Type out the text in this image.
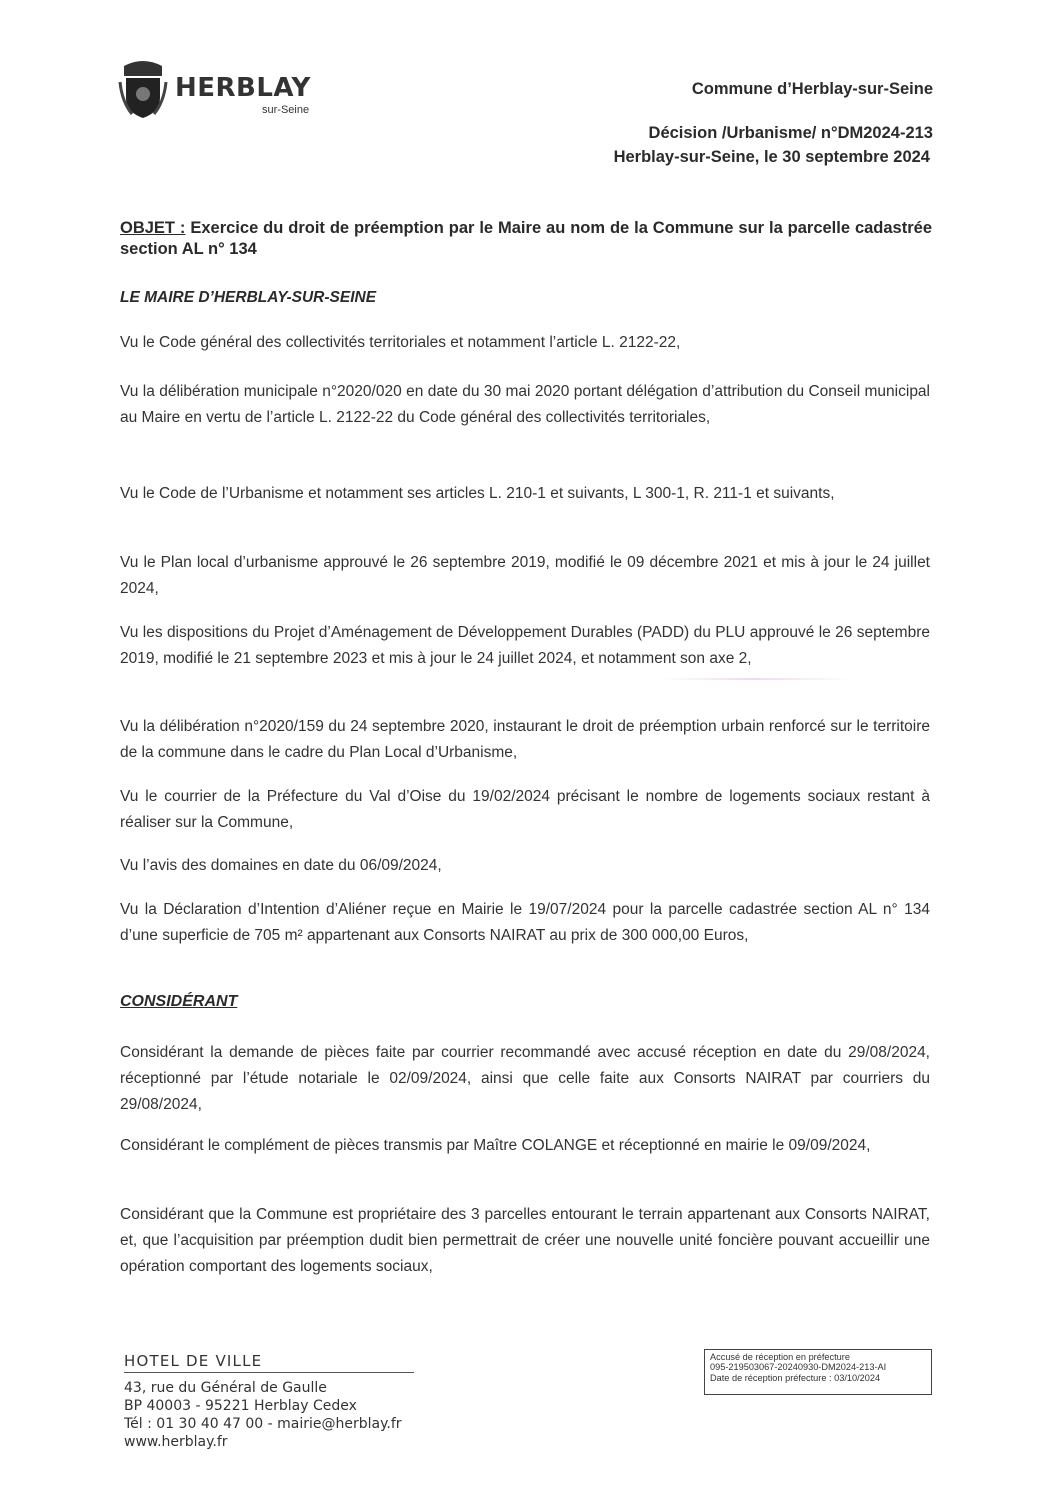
HERBLAY
sur-Seine
Commune d’Herblay-sur-Seine
Décision /Urbanisme/ n°DM2024-213
Herblay-sur-Seine, le 30 septembre 2024
OBJET : Exercice du droit de préemption par le Maire au nom de la Commune sur la parcelle cadastrée section AL n° 134
LE MAIRE D’HERBLAY-SUR-SEINE
Vu le Code général des collectivités territoriales et notamment l’article L. 2122-22,
Vu la délibération municipale n°2020/020 en date du 30 mai 2020 portant délégation d’attribution du Conseil municipal au Maire en vertu de l’article L. 2122-22 du Code général des collectivités territoriales,
Vu le Code de l’Urbanisme et notamment ses articles L. 210-1 et suivants, L 300-1, R. 211-1 et suivants,
Vu le Plan local d’urbanisme approuvé le 26 septembre 2019, modifié le 09 décembre 2021 et mis à jour le 24 juillet 2024,
Vu les dispositions du Projet d’Aménagement de Développement Durables (PADD) du PLU approuvé le 26 septembre 2019, modifié le 21 septembre 2023 et mis à jour le 24 juillet 2024, et notamment son axe 2,
Vu la délibération n°2020/159 du 24 septembre 2020, instaurant le droit de préemption urbain renforcé sur le territoire de la commune dans le cadre du Plan Local d’Urbanisme,
Vu le courrier de la Préfecture du Val d’Oise du 19/02/2024 précisant le nombre de logements sociaux restant à réaliser sur la Commune,
Vu l’avis des domaines en date du 06/09/2024,
Vu la Déclaration d’Intention d’Aliéner reçue en Mairie le 19/07/2024 pour la parcelle cadastrée section AL n° 134 d’une superficie de 705 m² appartenant aux Consorts NAIRAT au prix de 300 000,00 Euros,
CONSIDÉRANT
Considérant la demande de pièces faite par courrier recommandé avec accusé réception en date du 29/08/2024, réceptionné par l’étude notariale le 02/09/2024, ainsi que celle faite aux Consorts NAIRAT par courriers du 29/08/2024,
Considérant le complément de pièces transmis par Maître COLANGE et réceptionné en mairie le 09/09/2024,
Considérant que la Commune est propriétaire des 3 parcelles entourant le terrain appartenant aux Consorts NAIRAT, et, que l’acquisition par préemption dudit bien permettrait de créer une nouvelle unité foncière pouvant accueillir une opération comportant des logements sociaux,
HOTEL DE VILLE
43, rue du Général de Gaulle
BP 40003 - 95221 Herblay Cedex
Tél : 01 30 40 47 00 - mairie@herblay.fr
www.herblay.fr
Accusé de réception en préfecture
095-219503067-20240930-DM2024-213-AI
Date de réception préfecture : 03/10/2024
